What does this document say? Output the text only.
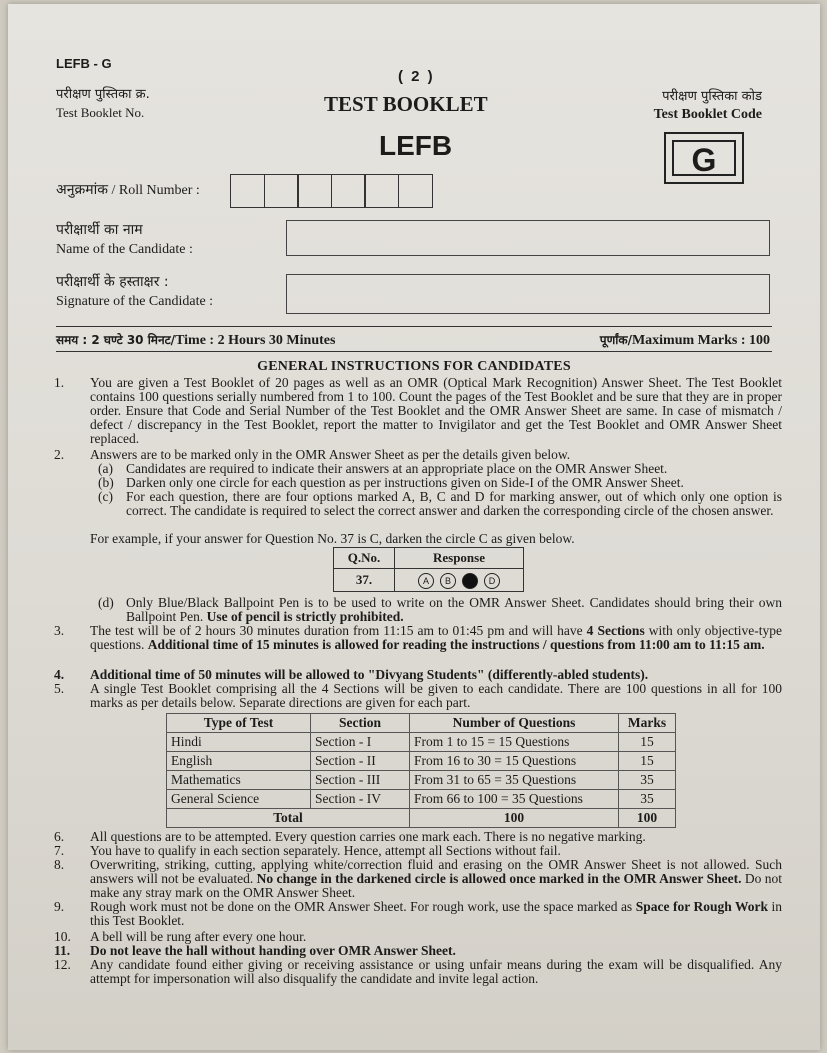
LEFB - G
परीक्षण पुस्तिका क्र.
Test Booklet No.
( 2 )
TEST BOOKLET
LEFB
परीक्षण पुस्तिका कोड
Test Booklet Code
G
अनुक्रमांक / Roll Number :
परीक्षार्थी का नाम
Name of the Candidate :
परीक्षार्थी के हस्ताक्षर :
Signature of the Candidate :
समय : 2 घण्टे 30 मिनट/Time : 2 Hours 30 Minutes	पूर्णांक/Maximum Marks : 100
GENERAL INSTRUCTIONS FOR CANDIDATES
1. You are given a Test Booklet of 20 pages as well as an OMR (Optical Mark Recognition) Answer Sheet. The Test Booklet contains 100 questions serially numbered from 1 to 100. Count the pages of the Test Booklet and be sure that they are in proper order. Ensure that Code and Serial Number of the Test Booklet and the OMR Answer Sheet are same. In case of mismatch / defect / discrepancy in the Test Booklet, report the matter to Invigilator and get the Test Booklet and OMR Answer Sheet replaced.
2. Answers are to be marked only in the OMR Answer Sheet as per the details given below.
(a) Candidates are required to indicate their answers at an appropriate place on the OMR Answer Sheet.
(b) Darken only one circle for each question as per instructions given on Side-I of the OMR Answer Sheet.
(c) For each question, there are four options marked A, B, C and D for marking answer, out of which only one option is correct. The candidate is required to select the correct answer and darken the corresponding circle of the chosen answer.
For example, if your answer for Question No. 37 is C, darken the circle C as given below.
Q.No.	Response
37.	A B C D
(d) Only Blue/Black Ballpoint Pen is to be used to write on the OMR Answer Sheet. Candidates should bring their own Ballpoint Pen. Use of pencil is strictly prohibited.
3. The test will be of 2 hours 30 minutes duration from 11:15 am to 01:45 pm and will have 4 Sections with only objective-type questions. Additional time of 15 minutes is allowed for reading the instructions / questions from 11:00 am to 11:15 am.
4. Additional time of 50 minutes will be allowed to "Divyang Students" (differently-abled students).
5. A single Test Booklet comprising all the 4 Sections will be given to each candidate. There are 100 questions in all for 100 marks as per details below. Separate directions are given for each part.
Type of Test	Section	Number of Questions	Marks
Hindi	Section - I	From 1 to 15 = 15 Questions	15
English	Section - II	From 16 to 30 = 15 Questions	15
Mathematics	Section - III	From 31 to 65 = 35 Questions	35
General Science	Section - IV	From 66 to 100 = 35 Questions	35
Total		100	100
6. All questions are to be attempted. Every question carries one mark each. There is no negative marking.
7. You have to qualify in each section separately. Hence, attempt all Sections without fail.
8. Overwriting, striking, cutting, applying white/correction fluid and erasing on the OMR Answer Sheet is not allowed. Such answers will not be evaluated. No change in the darkened circle is allowed once marked in the OMR Answer Sheet. Do not make any stray mark on the OMR Answer Sheet.
9. Rough work must not be done on the OMR Answer Sheet. For rough work, use the space marked as Space for Rough Work in this Test Booklet.
10. A bell will be rung after every one hour.
11. Do not leave the hall without handing over OMR Answer Sheet.
12. Any candidate found either giving or receiving assistance or using unfair means during the exam will be disqualified. Any attempt for impersonation will also disqualify the candidate and invite legal action.
